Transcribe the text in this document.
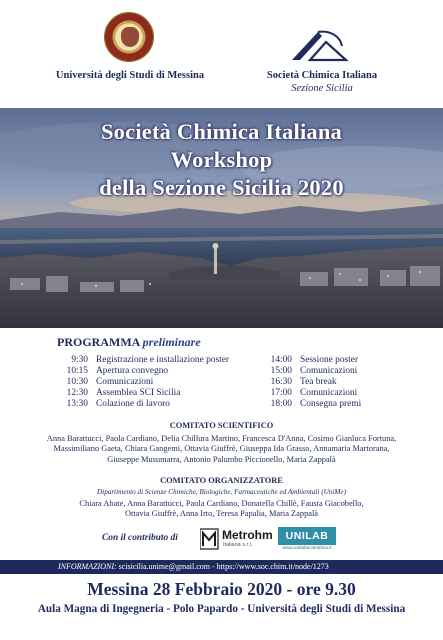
Università degli Studi di Messina	Società Chimica Italiana
Sezione Sicilia
Società Chimica Italiana
Workshop
della Sezione Sicilia 2020
PROGRAMMA preliminare
9:30 Registrazione e installazione poster
10:15 Apertura convegno
10:30 Comunicazioni
12:30 Assemblea SCI Sicilia
13:30 Colazione di lavoro
14:00 Sessione poster
15:00 Comunicazioni
16:30 Tea break
17:00 Comunicazioni
18:00 Consegna premi
COMITATO SCIENTIFICO
Anna Barattucci, Paola Cardiano, Delia Chillura Martino, Francesca D'Anna, Cosimo Gianluca Fortuna,
Massimiliano Gaeta, Chiara Gangemi, Ottavia Giuffrè, Giuseppa Ida Grasso, Annamaria Martorana,
Giuseppe Musumarra, Antonio Palumbo Piccionello, Maria Zappalà
COMITATO ORGANIZZATORE
Dipartimento di Scienze Chimiche, Biologiche, Farmaceutiche ed Ambientali (UniMe)
Chiara Abate, Anna Barattucci, Paola Cardiano, Donatella Chillè, Fausta Giacobello,
Ottavia Giuffrè, Anna Irto, Teresa Papalia, Maria Zappalà
Con il contributo di	Metrohm
Italiana s.r.l.
UNILAB
www.unilabscientifica.it
INFORMAZIONI: scisicilia.unime@gmail.com - https://www.soc.chim.it/node/1273
Messina 28 Febbraio 2020 - ore 9.30
Aula Magna di Ingegneria - Polo Papardo - Università degli Studi di Messina
